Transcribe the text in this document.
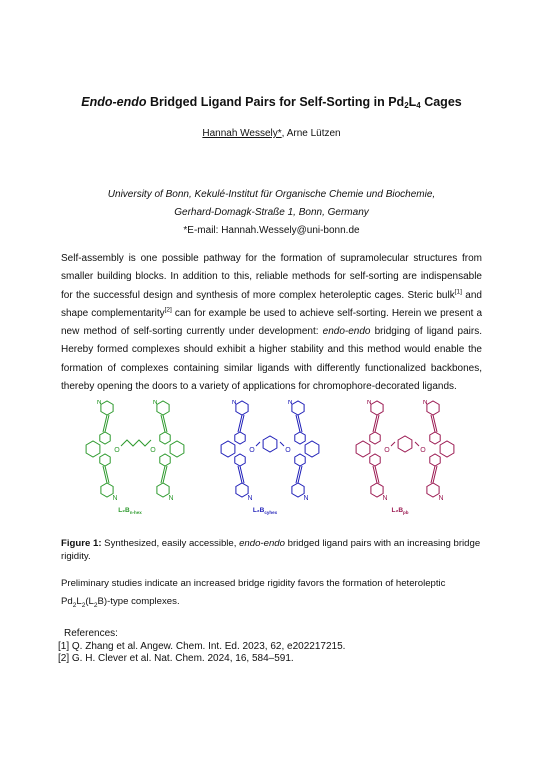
Endo-endo Bridged Ligand Pairs for Self-Sorting in $Pd_2L_4$ Cages
Hannah Wessely*, Arne Lützen
University of Bonn, Kekulé-Institut für Organische Chemie und Biochemie,
Gerhard-Domagk-Straße 1, Bonn, Germany
*E-mail: Hannah.Wessely@uni-bonn.de

Self-assembly is one possible pathway for the formation of supramolecular structures from smaller building blocks. In addition to this, reliable methods for self-sorting are indispensable for the successful design and synthesis of more complex heteroleptic cages. Steric bulk[1] and shape complementarity[2] can for example be used to achieve self-sorting. Herein we present a new method of self-sorting currently under development: endo-endo bridging of ligand pairs. Hereby formed complexes should exhibit a higher stability and this method would enable the formation of complexes containing similar ligands with differently functionalized backbones, thereby opening the doors to a variety of applications for chromophore-decorated ligands.

N	N
N	N
O	O
$L_2B_{n-hex}$
N	N
N	N
O	O
$L_2B_{cyhex}$
N	N
N	N
O	O
$L_2B_{pb}$

Figure 1: Synthesized, easily accessible, endo-endo bridged ligand pairs with an increasing bridge rigidity.

Preliminary studies indicate an increased bridge rigidity favors the formation of heteroleptic $Pd_2L_2(L_2B)$-type complexes.

References:
[1] Q. Zhang et al. Angew. Chem. Int. Ed. 2023, 62, e202217215.
[2] G. H. Clever et al. Nat. Chem. 2024, 16, 584–591.
